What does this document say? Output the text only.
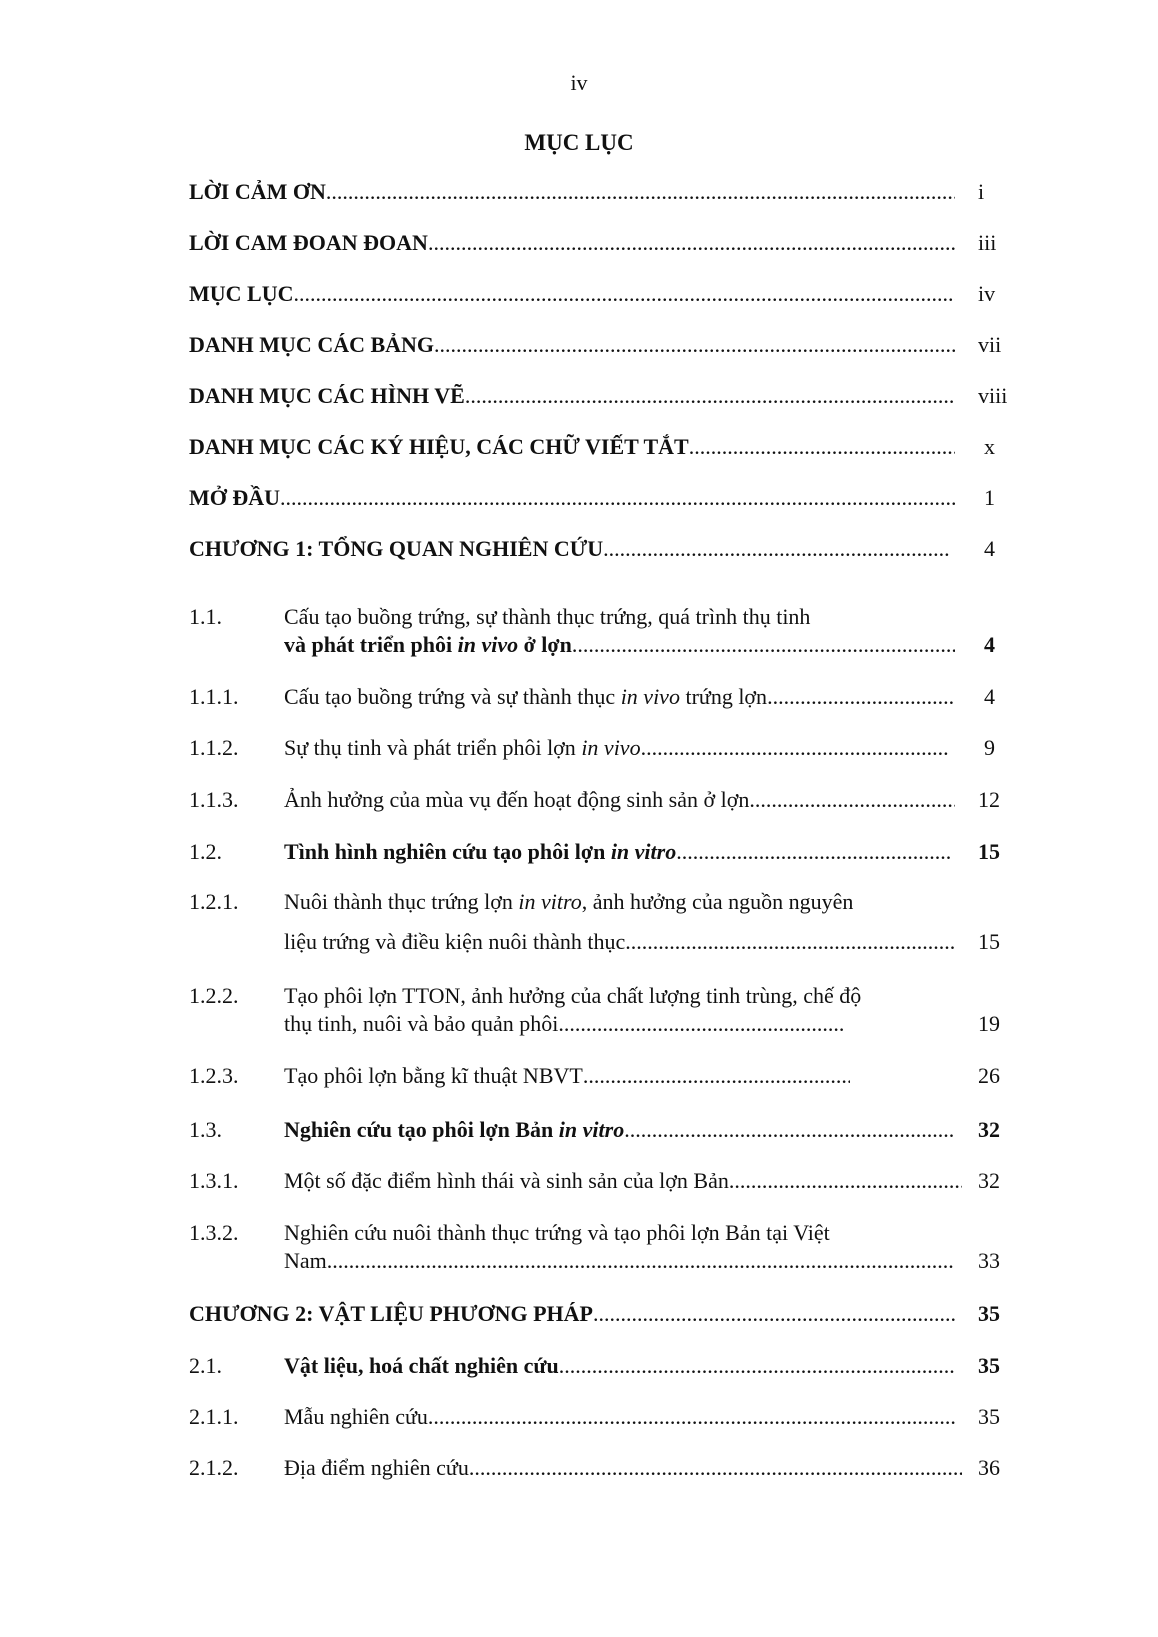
iv
MỤC LỤC
LỜI CẢM ƠN .....	i
LỜI CAM ĐOAN ĐOAN .....	iii
MỤC LỤC .....	iv
DANH MỤC CÁC BẢNG .....	vii
DANH MỤC CÁC HÌNH VẼ .....	viii
DANH MỤC CÁC KÝ HIỆU, CÁC CHỮ VIẾT TẮT .....	x
MỞ ĐẦU .....	1
CHƯƠNG 1: TỔNG QUAN NGHIÊN CỨU .....	4
1.1.	Cấu tạo buồng trứng, sự thành thục trứng, quá trình thụ tinh
và phát triển phôi in vivo ở lợn .....	4
1.1.1. Cấu tạo buồng trứng và sự thành thục in vivo trứng lợn .....	4
1.1.2. Sự thụ tinh và phát triển phôi lợn in vivo .....	9
1.1.3. Ảnh hưởng của mùa vụ đến hoạt động sinh sản ở lợn .....	12
1.2.	Tình hình nghiên cứu tạo phôi lợn in vitro .....	15
1.2.1. Nuôi thành thục trứng lợn in vitro, ảnh hưởng của nguồn nguyên
liệu trứng và điều kiện nuôi thành thục .....	15
1.2.2. Tạo phôi lợn TTON, ảnh hưởng của chất lượng tinh trùng, chế độ
thụ tinh, nuôi và bảo quản phôi .....	19
1.2.3. Tạo phôi lợn bằng kĩ thuật NBVT .....	26
1.3.	Nghiên cứu tạo phôi lợn Bản in vitro .....	32
1.3.1. Một số đặc điểm hình thái và sinh sản của lợn Bản .....	32
1.3.2. Nghiên cứu nuôi thành thục trứng và tạo phôi lợn Bản tại Việt
Nam .....	33
CHƯƠNG 2: VẬT LIỆU PHƯƠNG PHÁP .....	35
2.1.	Vật liệu, hoá chất nghiên cứu .....	35
2.1.1. Mẫu nghiên cứu .....	35
2.1.2. Địa điểm nghiên cứu .....	36
